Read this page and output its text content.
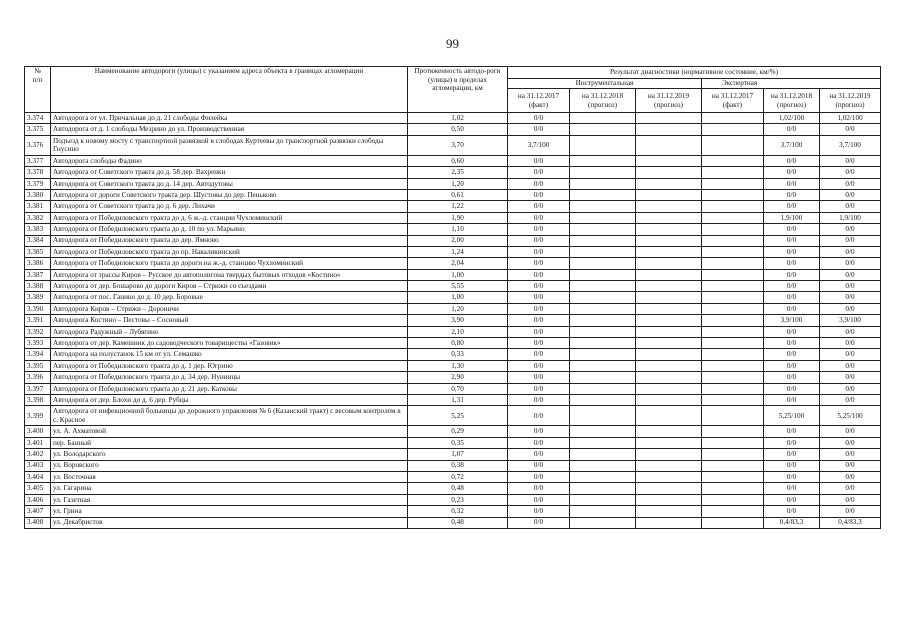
99
№
п/п	Наименование автодороги (улицы) с указанием адреса объекта в границах агломерации	Протяженность автодо-роги (улицы) в пределах агломерации, км	Результат диагностики (нормативное состояние, км/%)					
			Инструментальная			Экспертная		
			на 31.12.2017 (факт)	на 31.12.2018 (прогноз)	на 31.12.2019 (прогноз)	на 31.12.2017 (факт)	на 31.12.2018 (прогноз)	на 31.12.2019 (прогноз)
3.374	Автодорога от ул. Причальная до д. 21 слободы Филейка	1,02	0/0				1,02/100	1,02/100
3.375	Автодорога от д. 1 слободы Мезрино до ул. Производственная	0,50	0/0				0/0	0/0
3.376	Подъезд к новому мосту с транспортной развязкой в слободах Куртеевы до транспортной развязки слободы Гнусино	3,70	3,7/100				3,7/100	3,7/100
3.377	Автодорога слободы Фадино	0,60	0/0				0/0	0/0
3.378	Автодорога от Советского тракта до д. 58 дер. Вахренки	2,35	0/0				0/0	0/0
3.379	Автодорога от Советского тракта до д. 14 дер. Автодутовы	1,20	0/0				0/0	0/0
3.380	Автодорога от дороги Советского тракта дер. Шустовы до дер. Пеньково	0,61	0/0				0/0	0/0
3.381	Автодорога от Советского тракта до д. 6 дер. Лихачи	1,22	0/0				0/0	0/0
3.382	Автодорога от Победиловского тракта до д. 6 ж.-д. станции Чухломинский	1,90	0/0				1,9/100	1,9/100
3.383	Автодорога от Победиловского тракта до д. 10 по ул. Марьино	1,10	0/0				0/0	0/0
3.384	Автодорога от Победиловского тракта до дер. Ямново	2,00	0/0				0/0	0/0
3.385	Автодорога от Победиловского тракта до пр. Наваликинский	1,24	0/0				0/0	0/0
3.386	Автодорога от Победиловского тракта до дороги на ж.-д. станцию Чухломинский	2,04	0/0				0/0	0/0
3.387	Автодорога от трассы Киров – Русское до автополигона твердых бытовых отходов «Костино»	1,00	0/0				0/0	0/0
3.388	Автодорога от дер. Бошарово до дороги Киров – Стрижи со съездами	5,55	0/0				0/0	0/0
3.389	Автодорога от пос. Ганино до д. 10 дер. Боровые	1,00	0/0				0/0	0/0
3.390	Автодорога Киров – Стрижи – Дороничи	1,20	0/0				0/0	0/0
3.391	Автодорога Костино – Пестовы – Сосновый	3,90	0/0				3,9/100	3,9/100
3.392	Автодорога Радужный – Лубягино	2,10	0/0				0/0	0/0
3.393	Автодорога от дер. Камешник до садоводческого товарищества «Газовик»	0,80	0/0				0/0	0/0
3.394	Автодорога на полустанок 15 км от ул. Семашко	0,33	0/0				0/0	0/0
3.395	Автодорога от Победиловского тракта до д. 1 дер. Югрино	1,30	0/0				0/0	0/0
3.396	Автодорога от Победиловского тракта до д. 34 дер. Нунинцы	2,90	0/0				0/0	0/0
3.397	Автодорога от Победиловского тракта до д. 21 дер. Катковы	0,70	0/0				0/0	0/0
3.398	Автодорога от дер. Блохи до д. 6 дер. Рубцы	1,31	0/0				0/0	0/0
3.399	Автодорога от инфекционной больницы до дорожного управления № 6 (Казанский тракт) с весовым контролем в с. Красное	5,25	0/0				5,25/100	5,25/100
3.400	ул. А. Ахматовой	0,29	0/0				0/0	0/0
3.401	пер. Банный	0,35	0/0				0/0	0/0
3.402	ул. Володарского	1,07	0/0				0/0	0/0
3.403	ул. Воровского	0,38	0/0				0/0	0/0
3.404	ул. Восточная	0,72	0/0				0/0	0/0
3.405	ул. Гагарина	0,48	0/0				0/0	0/0
3.406	ул. Газетная	0,23	0/0				0/0	0/0
3.407	ул. Грина	0,32	0/0				0/0	0/0
3.408	ул. Декабристов	0,48	0/0				0,4/83,3	0,4/83,3
